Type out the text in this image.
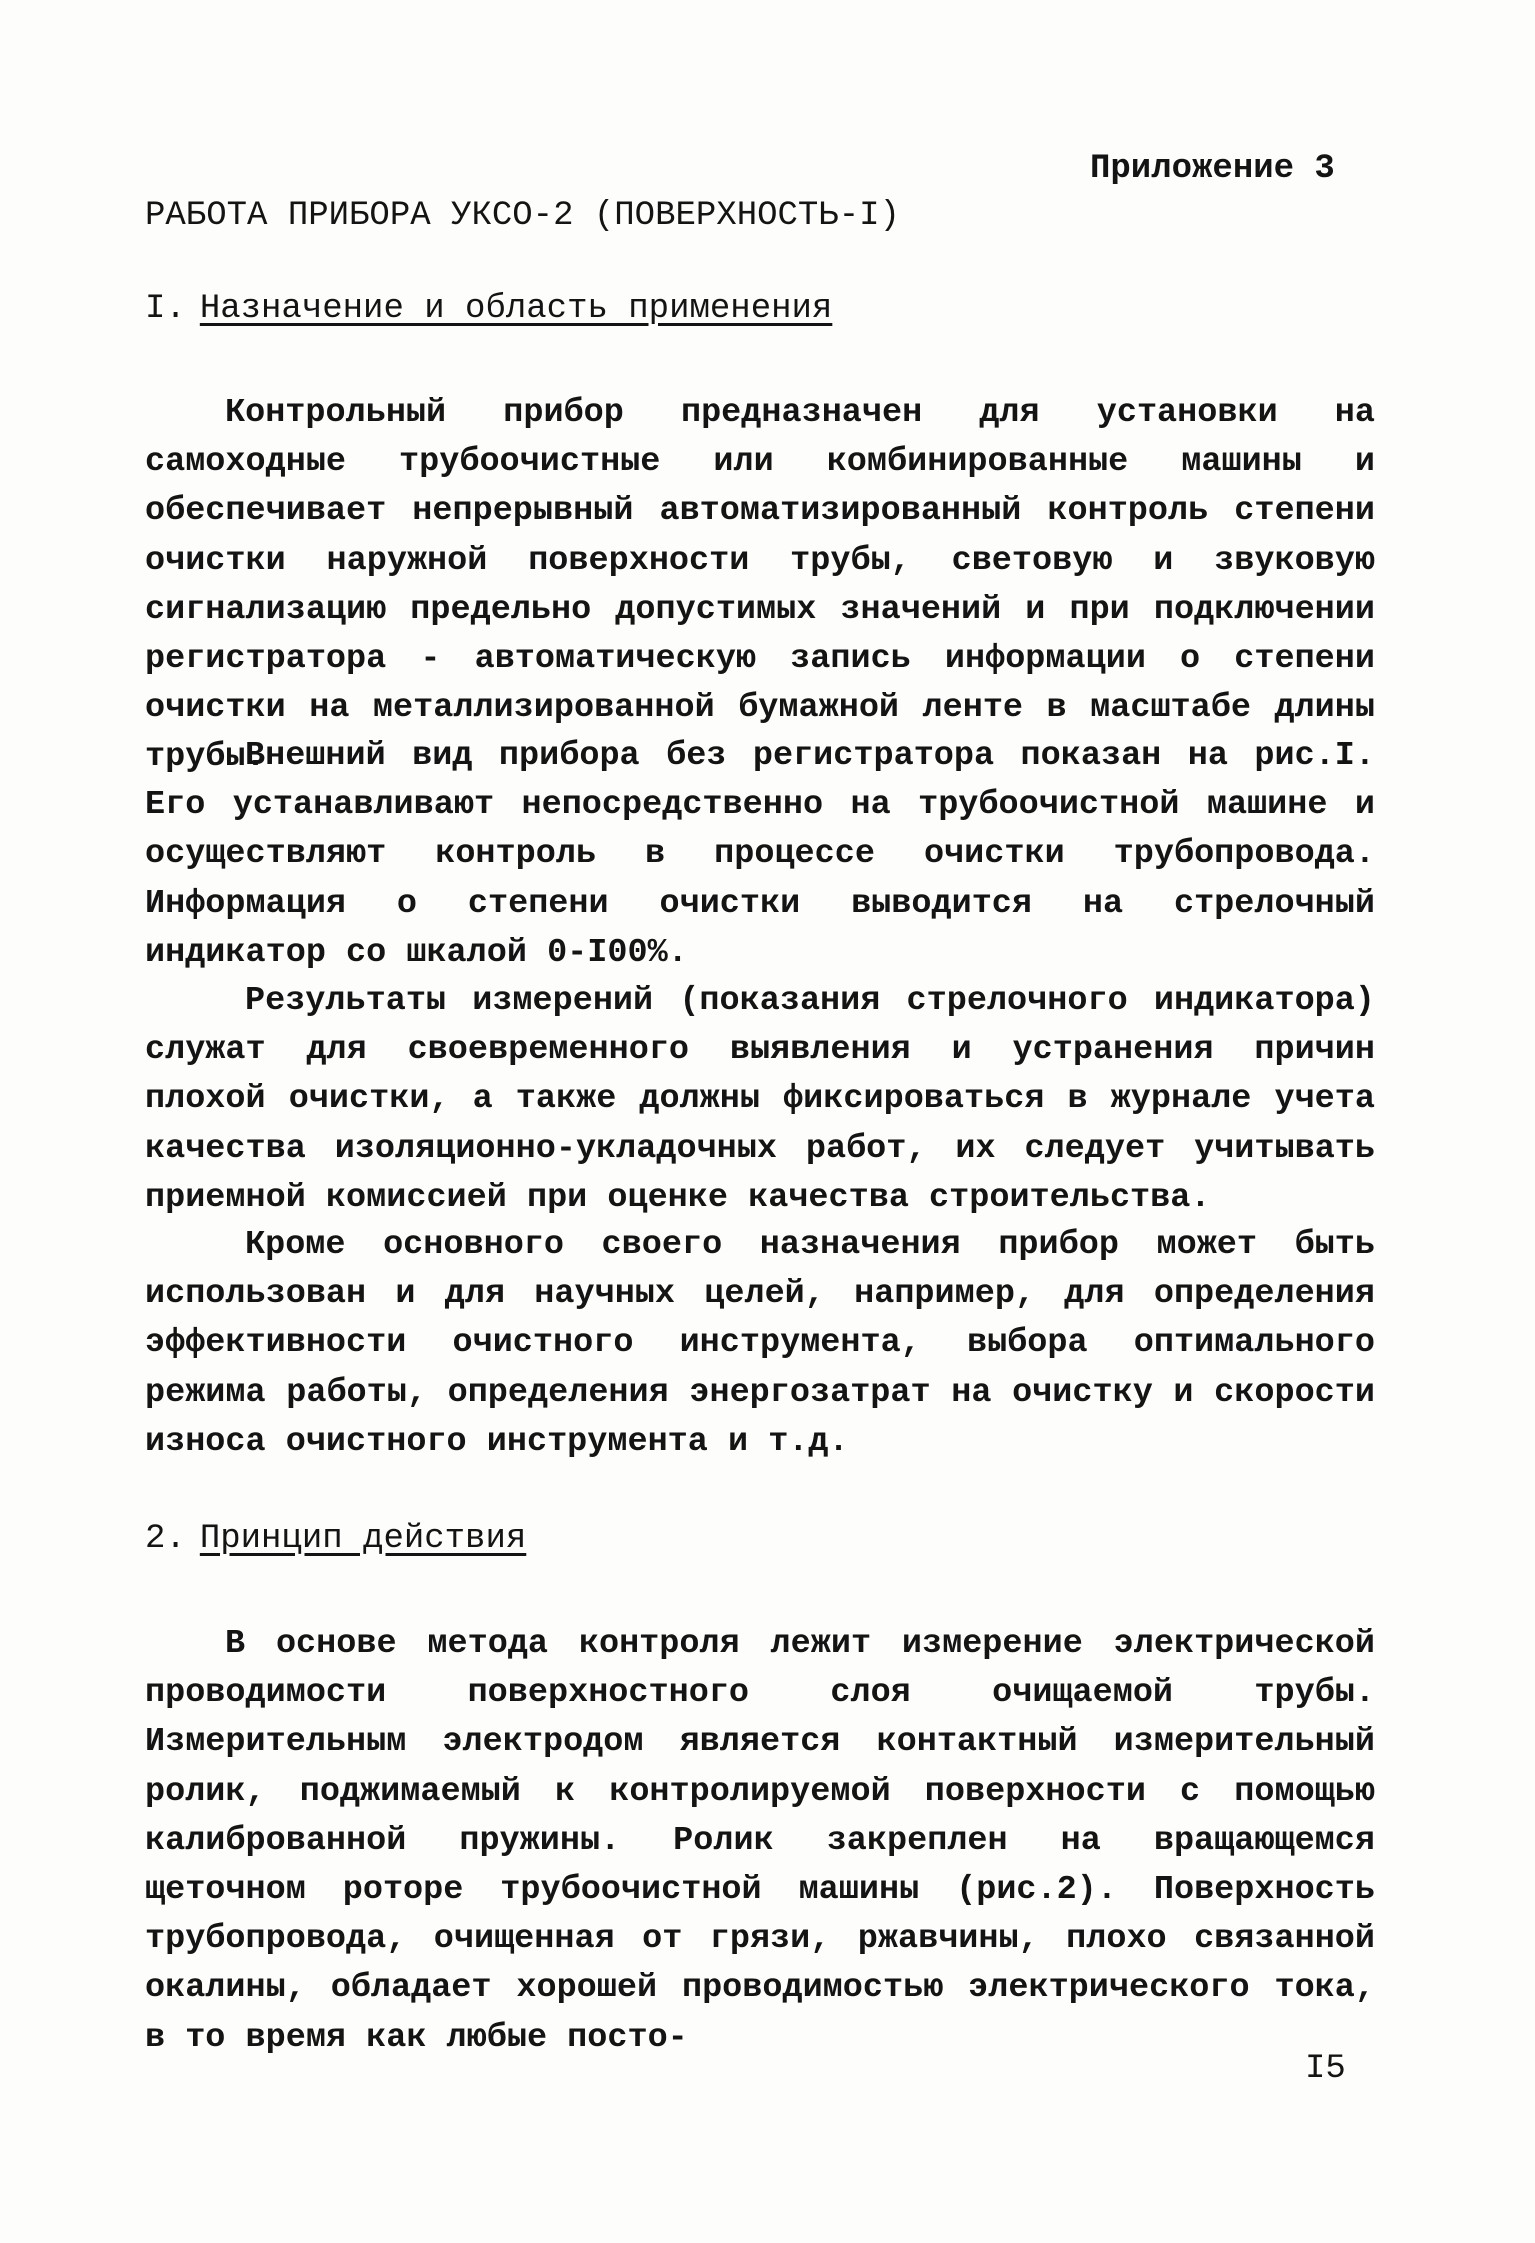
Приложение 3
РАБОТА ПРИБОРА УКСО-2 (ПОВЕРХНОСТЬ-I)
I. Назначение и область применения

Контрольный прибор предназначен для установки на самоходные трубоочистные или комбинированные машины и обеспечивает непрерывный автоматизированный контроль степени очистки наружной поверхности трубы, световую и звуковую сигнализацию предельно допустимых значений и при подключении регистратора - автоматическую запись информации о степени очистки на металлизированной бумажной ленте в масштабе длины трубы.

Внешний вид прибора без регистратора показан на рис.I. Его устанавливают непосредственно на трубоочистной машине и осуществляют контроль в процессе очистки трубопровода. Информация о степени очистки выводится на стрелочный индикатор со шкалой 0-I00%.

Результаты измерений (показания стрелочного индикатора) служат для своевременного выявления и устранения причин плохой очистки, а также должны фиксироваться в журнале учета качества изоляционно-укладочных работ, их следует учитывать приемной комиссией при оценке качества строительства.

Кроме основного своего назначения прибор может быть использован и для научных целей, например, для определения эффективности очистного инструмента, выбора оптимального режима работы, определения энергозатрат на очистку и скорости износа очистного инструмента и т.д.

2. Принцип действия

В основе метода контроля лежит измерение электрической проводимости поверхностного слоя очищаемой трубы. Измерительным электродом является контактный измерительный ролик, поджимаемый к контролируемой поверхности с помощью калиброванной пружины. Ролик закреплен на вращающемся щеточном роторе трубоочистной машины (рис.2). Поверхность трубопровода, очищенная от грязи, ржавчины, плохо связанной окалины, обладает хорошей проводимостью электрического тока, в то время как любые посто-

I5
